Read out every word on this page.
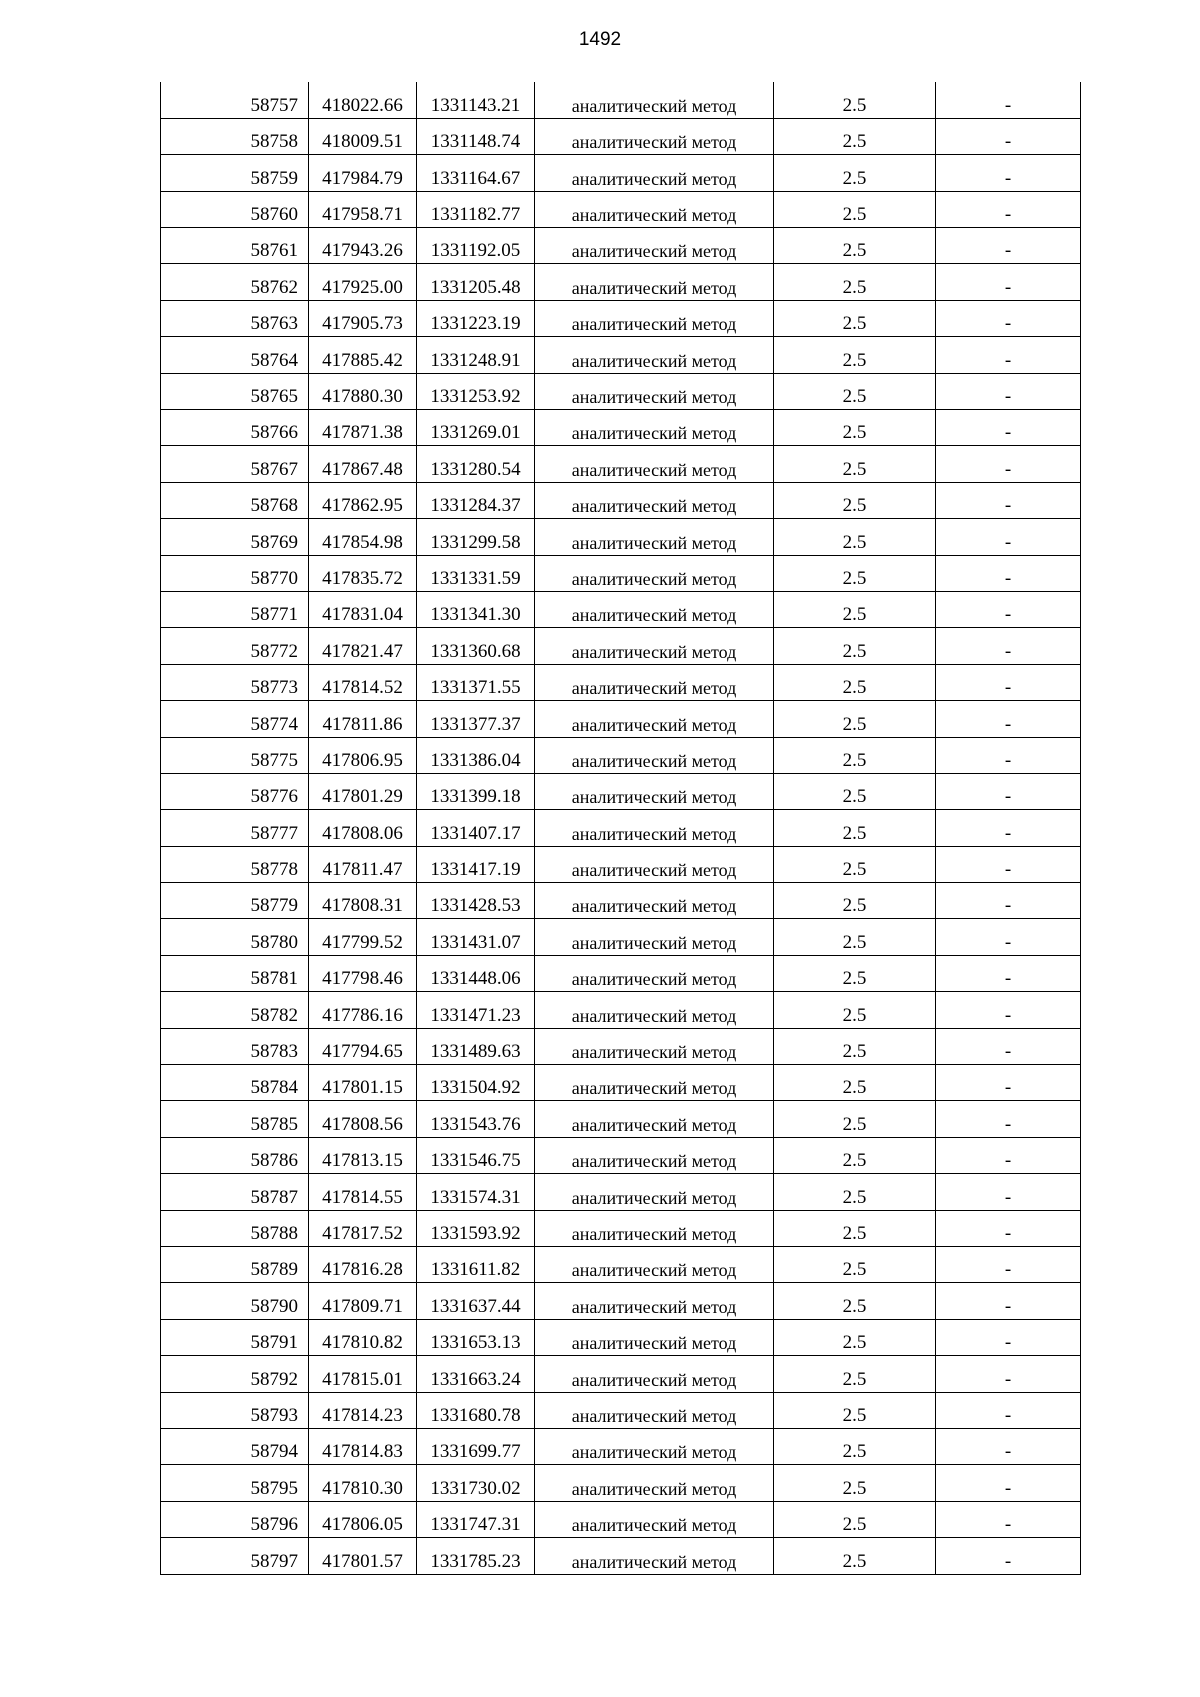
1492
58757	418022.66	1331143.21	аналитический метод	2.5	-
58758	418009.51	1331148.74	аналитический метод	2.5	-
58759	417984.79	1331164.67	аналитический метод	2.5	-
58760	417958.71	1331182.77	аналитический метод	2.5	-
58761	417943.26	1331192.05	аналитический метод	2.5	-
58762	417925.00	1331205.48	аналитический метод	2.5	-
58763	417905.73	1331223.19	аналитический метод	2.5	-
58764	417885.42	1331248.91	аналитический метод	2.5	-
58765	417880.30	1331253.92	аналитический метод	2.5	-
58766	417871.38	1331269.01	аналитический метод	2.5	-
58767	417867.48	1331280.54	аналитический метод	2.5	-
58768	417862.95	1331284.37	аналитический метод	2.5	-
58769	417854.98	1331299.58	аналитический метод	2.5	-
58770	417835.72	1331331.59	аналитический метод	2.5	-
58771	417831.04	1331341.30	аналитический метод	2.5	-
58772	417821.47	1331360.68	аналитический метод	2.5	-
58773	417814.52	1331371.55	аналитический метод	2.5	-
58774	417811.86	1331377.37	аналитический метод	2.5	-
58775	417806.95	1331386.04	аналитический метод	2.5	-
58776	417801.29	1331399.18	аналитический метод	2.5	-
58777	417808.06	1331407.17	аналитический метод	2.5	-
58778	417811.47	1331417.19	аналитический метод	2.5	-
58779	417808.31	1331428.53	аналитический метод	2.5	-
58780	417799.52	1331431.07	аналитический метод	2.5	-
58781	417798.46	1331448.06	аналитический метод	2.5	-
58782	417786.16	1331471.23	аналитический метод	2.5	-
58783	417794.65	1331489.63	аналитический метод	2.5	-
58784	417801.15	1331504.92	аналитический метод	2.5	-
58785	417808.56	1331543.76	аналитический метод	2.5	-
58786	417813.15	1331546.75	аналитический метод	2.5	-
58787	417814.55	1331574.31	аналитический метод	2.5	-
58788	417817.52	1331593.92	аналитический метод	2.5	-
58789	417816.28	1331611.82	аналитический метод	2.5	-
58790	417809.71	1331637.44	аналитический метод	2.5	-
58791	417810.82	1331653.13	аналитический метод	2.5	-
58792	417815.01	1331663.24	аналитический метод	2.5	-
58793	417814.23	1331680.78	аналитический метод	2.5	-
58794	417814.83	1331699.77	аналитический метод	2.5	-
58795	417810.30	1331730.02	аналитический метод	2.5	-
58796	417806.05	1331747.31	аналитический метод	2.5	-
58797	417801.57	1331785.23	аналитический метод	2.5	-
